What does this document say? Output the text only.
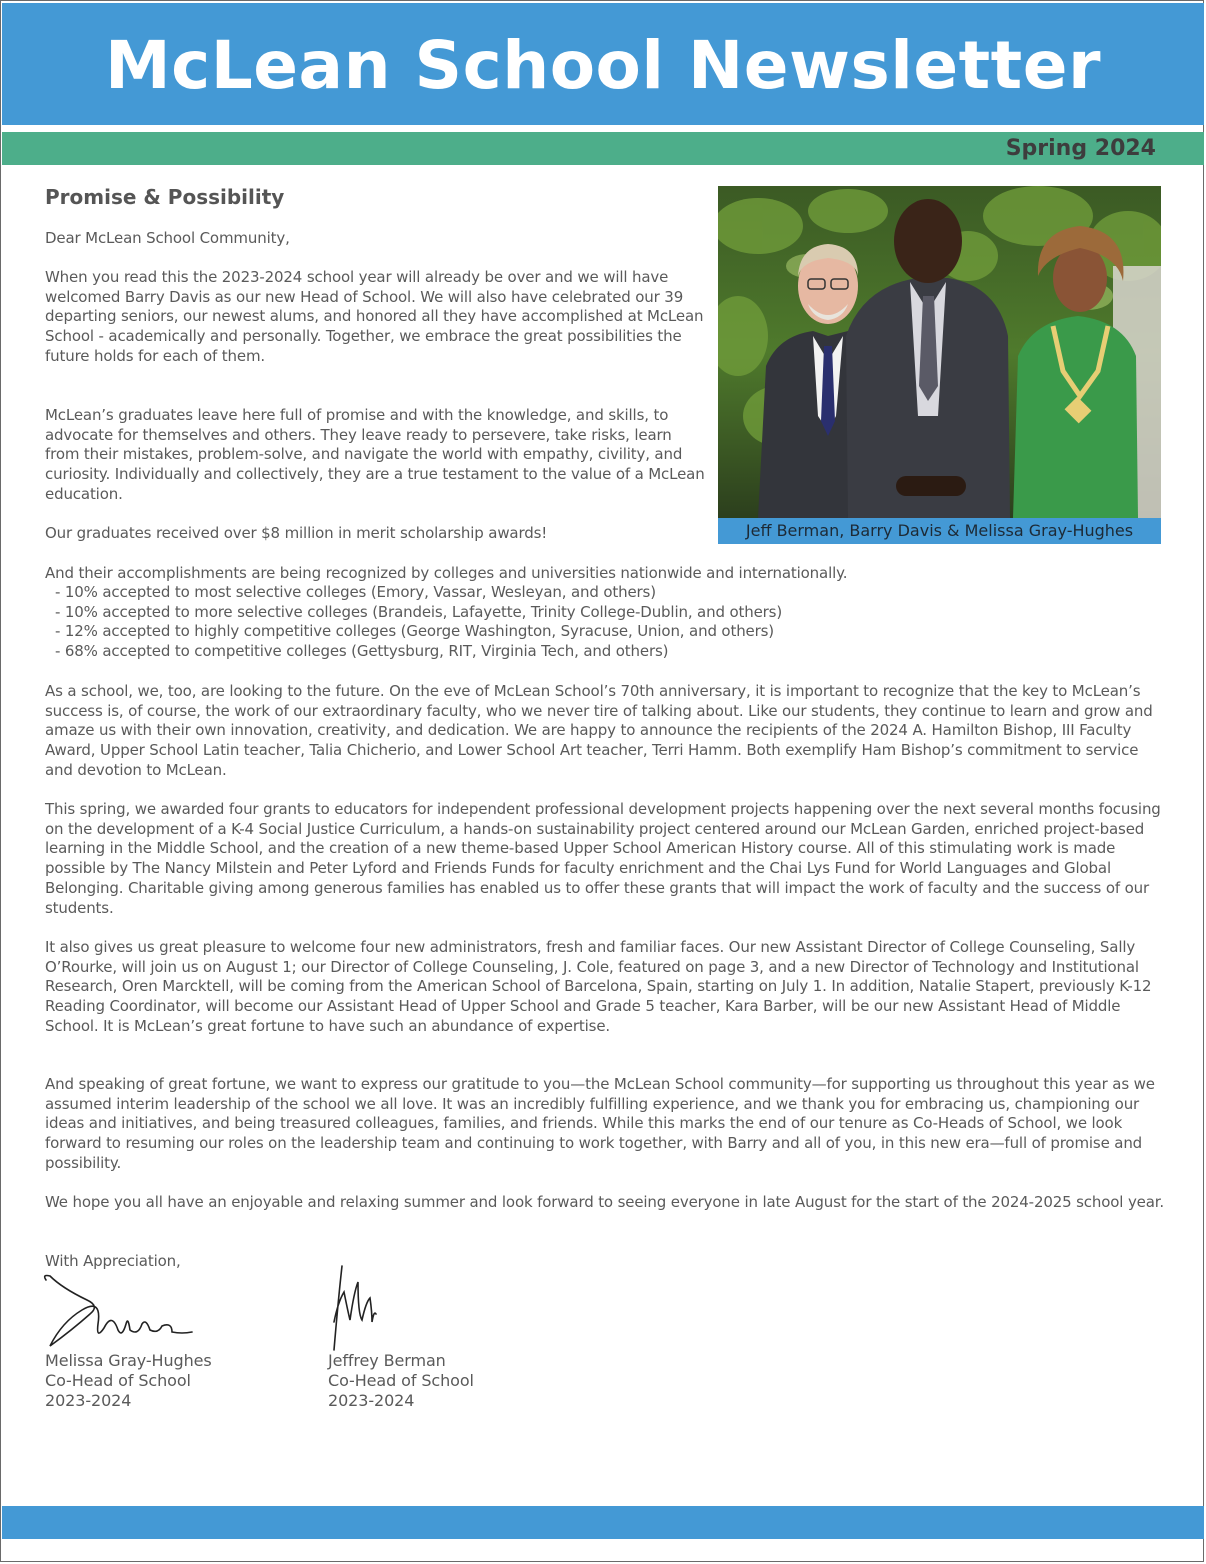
McLean School Newsletter
Spring 2024
Promise & Possibility

Dear McLean School Community,

When you read this the 2023-2024 school year will already be over and we will have welcomed Barry Davis as our new Head of School. We will also have celebrated our 39 departing seniors, our newest alums, and honored all they have accomplished at McLean School - academically and personally. Together, we embrace the great possibilities the future holds for each of them.

McLean’s graduates leave here full of promise and with the knowledge, and skills, to advocate for themselves and others. They leave ready to persevere, take risks, learn from their mistakes, problem-solve, and navigate the world with empathy, civility, and curiosity. Individually and collectively, they are a true testament to the value of a McLean education.

Our graduates received over $8 million in merit scholarship awards!	Jeff Berman, Barry Davis & Melissa Gray-Hughes

And their accomplishments are being recognized by colleges and universities nationwide and internationally.

- 10% accepted to most selective colleges (Emory, Vassar, Wesleyan, and others)
- 10% accepted to more selective colleges (Brandeis, Lafayette, Trinity College-Dublin, and others)
- 12% accepted to highly competitive colleges (George Washington, Syracuse, Union, and others)
- 68% accepted to competitive colleges (Gettysburg, RIT, Virginia Tech, and others)

As a school, we, too, are looking to the future. On the eve of McLean School’s 70th anniversary, it is important to recognize that the key to McLean’s success is, of course, the work of our extraordinary faculty, who we never tire of talking about. Like our students, they continue to learn and grow and amaze us with their own innovation, creativity, and dedication. We are happy to announce the recipients of the 2024 A. Hamilton Bishop, III Faculty Award, Upper School Latin teacher, Talia Chicherio, and Lower School Art teacher, Terri Hamm. Both exemplify Ham Bishop’s commitment to service and devotion to McLean.

This spring, we awarded four grants to educators for independent professional development projects happening over the next several months focusing on the development of a K-4 Social Justice Curriculum, a hands-on sustainability project centered around our McLean Garden, enriched project-based learning in the Middle School, and the creation of a new theme-based Upper School American History course. All of this stimulating work is made possible by The Nancy Milstein and Peter Lyford and Friends Funds for faculty enrichment and the Chai Lys Fund for World Languages and Global Belonging. Charitable giving among generous families has enabled us to offer these grants that will impact the work of faculty and the success of our students.

It also gives us great pleasure to welcome four new administrators, fresh and familiar faces. Our new Assistant Director of College Counseling, Sally O’Rourke, will join us on August 1; our Director of College Counseling, J. Cole, featured on page 3, and a new Director of Technology and Institutional Research, Oren Marcktell, will be coming from the American School of Barcelona, Spain, starting on July 1. In addition, Natalie Stapert, previously K-12 Reading Coordinator, will become our Assistant Head of Upper School and Grade 5 teacher, Kara Barber, will be our new Assistant Head of Middle School. It is McLean’s great fortune to have such an abundance of expertise.

And speaking of great fortune, we want to express our gratitude to you—the McLean School community—for supporting us throughout this year as we assumed interim leadership of the school we all love. It was an incredibly fulfilling experience, and we thank you for embracing us, championing our ideas and initiatives, and being treasured colleagues, families, and friends. While this marks the end of our tenure as Co-Heads of School, we look forward to resuming our roles on the leadership team and continuing to work together, with Barry and all of you, in this new era—full of promise and possibility.

We hope you all have an enjoyable and relaxing summer and look forward to seeing everyone in late August for the start of the 2024-2025 school year.

With Appreciation,

Melissa Gray-Hughes
Co-Head of School
2023-2024
Jeffrey Berman
Co-Head of School
2023-2024
